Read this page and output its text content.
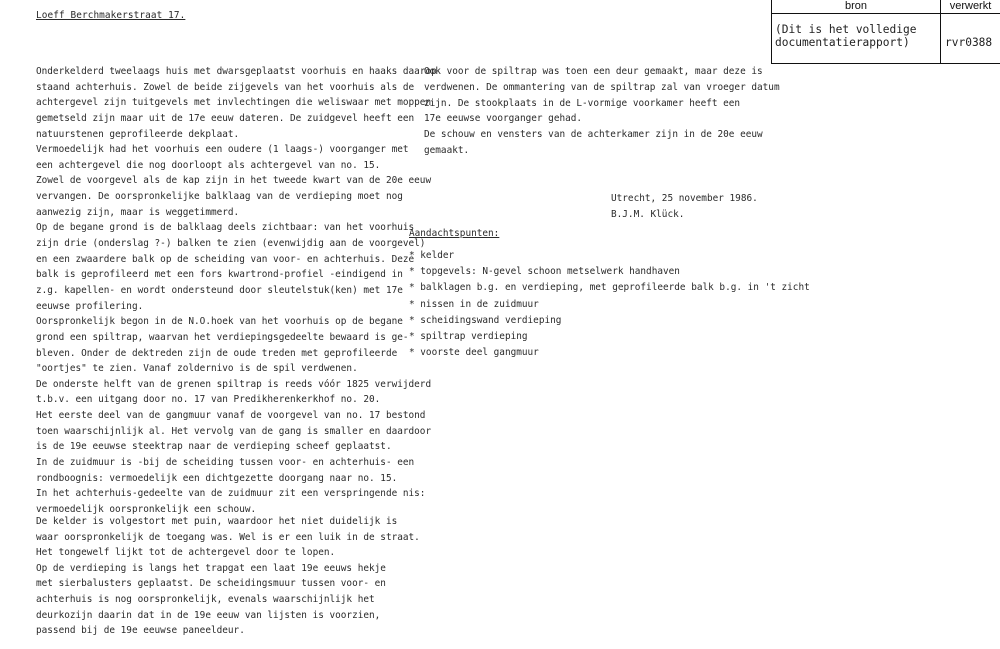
Loeff Berchmakerstraat 17.
bron	verwerkt
(Dit is het volledige
documentatierapport)	rvr0388
Onderkelderd tweelaags huis met dwarsgeplaatst voorhuis en haaks daarop
staand achterhuis. Zowel de beide zijgevels van het voorhuis als de
achtergevel zijn tuitgevels met invlechtingen die weliswaar met moppen
gemetseld zijn maar uit de 17e eeuw dateren. De zuidgevel heeft een
natuurstenen geprofileerde dekplaat.
Vermoedelijk had het voorhuis een oudere (1 laags-) voorganger met
een achtergevel die nog doorloopt als achtergevel van no. 15.
Zowel de voorgevel als de kap zijn in het tweede kwart van de 20e eeuw
vervangen. De oorspronkelijke balklaag van de verdieping moet nog
aanwezig zijn, maar is weggetimmerd.
Op de begane grond is de balklaag deels zichtbaar: van het voorhuis
zijn drie (onderslag ?-) balken te zien (evenwijdig aan de voorgevel)
en een zwaardere balk op de scheiding van voor- en achterhuis. Deze
balk is geprofileerd met een fors kwartrond-profiel -eindigend in
z.g. kapellen- en wordt ondersteund door sleutelstuk(ken) met 17e
eeuwse profilering.
Oorspronkelijk begon in de N.O.hoek van het voorhuis op de begane
grond een spiltrap, waarvan het verdiepingsgedeelte bewaard is ge-
bleven. Onder de dektreden zijn de oude treden met geprofileerde
"oortjes" te zien. Vanaf zoldernivo is de spil verdwenen.
De onderste helft van de grenen spiltrap is reeds vóór 1825 verwijderd
t.b.v. een uitgang door no. 17 van Predikherenkerkhof no. 20.
Het eerste deel van de gangmuur vanaf de voorgevel van no. 17 bestond
toen waarschijnlijk al. Het vervolg van de gang is smaller en daardoor
is de 19e eeuwse steektrap naar de verdieping scheef geplaatst.
In de zuidmuur is -bij de scheiding tussen voor- en achterhuis- een
rondboognis: vermoedelijk een dichtgezette doorgang naar no. 15.
In het achterhuis-gedeelte van de zuidmuur zit een verspringende nis:
vermoedelijk oorspronkelijk een schouw.
De kelder is volgestort met puin, waardoor het niet duidelijk is
waar oorspronkelijk de toegang was. Wel is er een luik in de straat.
Het tongewelf lijkt tot de achtergevel door te lopen.
Op de verdieping is langs het trapgat een laat 19e eeuws hekje
met sierbalusters geplaatst. De scheidingsmuur tussen voor- en
achterhuis is nog oorspronkelijk, evenals waarschijnlijk het
deurkozijn daarin dat in de 19e eeuw van lijsten is voorzien,
passend bij de 19e eeuwse paneeldeur.
Ook voor de spiltrap was toen een deur gemaakt, maar deze is
verdwenen. De ommantering van de spiltrap zal van vroeger datum
zijn. De stookplaats in de L-vormige voorkamer heeft een
17e eeuwse voorganger gehad.
De schouw en vensters van de achterkamer zijn in de 20e eeuw
gemaakt.
Utrecht, 25 november 1986.
B.J.M. Klück.
Aandachtspunten:
* kelder
* topgevels: N-gevel schoon metselwerk handhaven
* balklagen b.g. en verdieping, met geprofileerde balk b.g. in 't zicht
* nissen in de zuidmuur
* scheidingswand verdieping
* spiltrap verdieping
* voorste deel gangmuur
